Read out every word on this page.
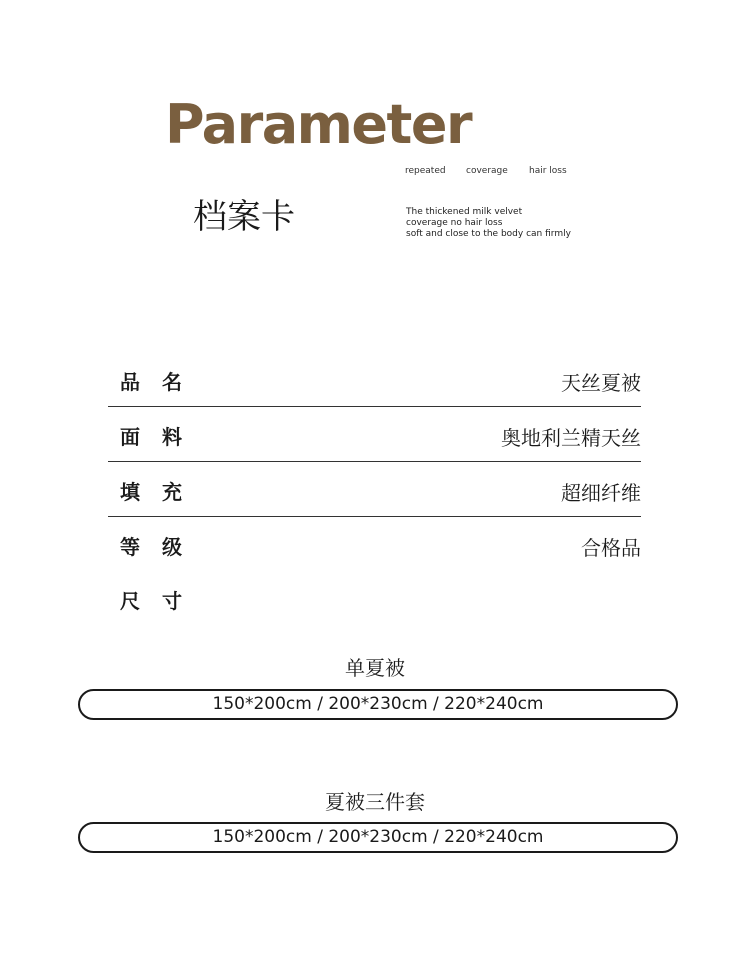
Parameter
repeated coverage hair loss
档案卡	The thickened milk velvet
coverage no hair loss
soft and close to the body can firmly
品名	天丝夏被
面料	奥地利兰精天丝
填充	超细纤维
等级	合格品
尺寸
单夏被
150*200cm / 200*230cm / 220*240cm
夏被三件套
150*200cm / 200*230cm / 220*240cm
